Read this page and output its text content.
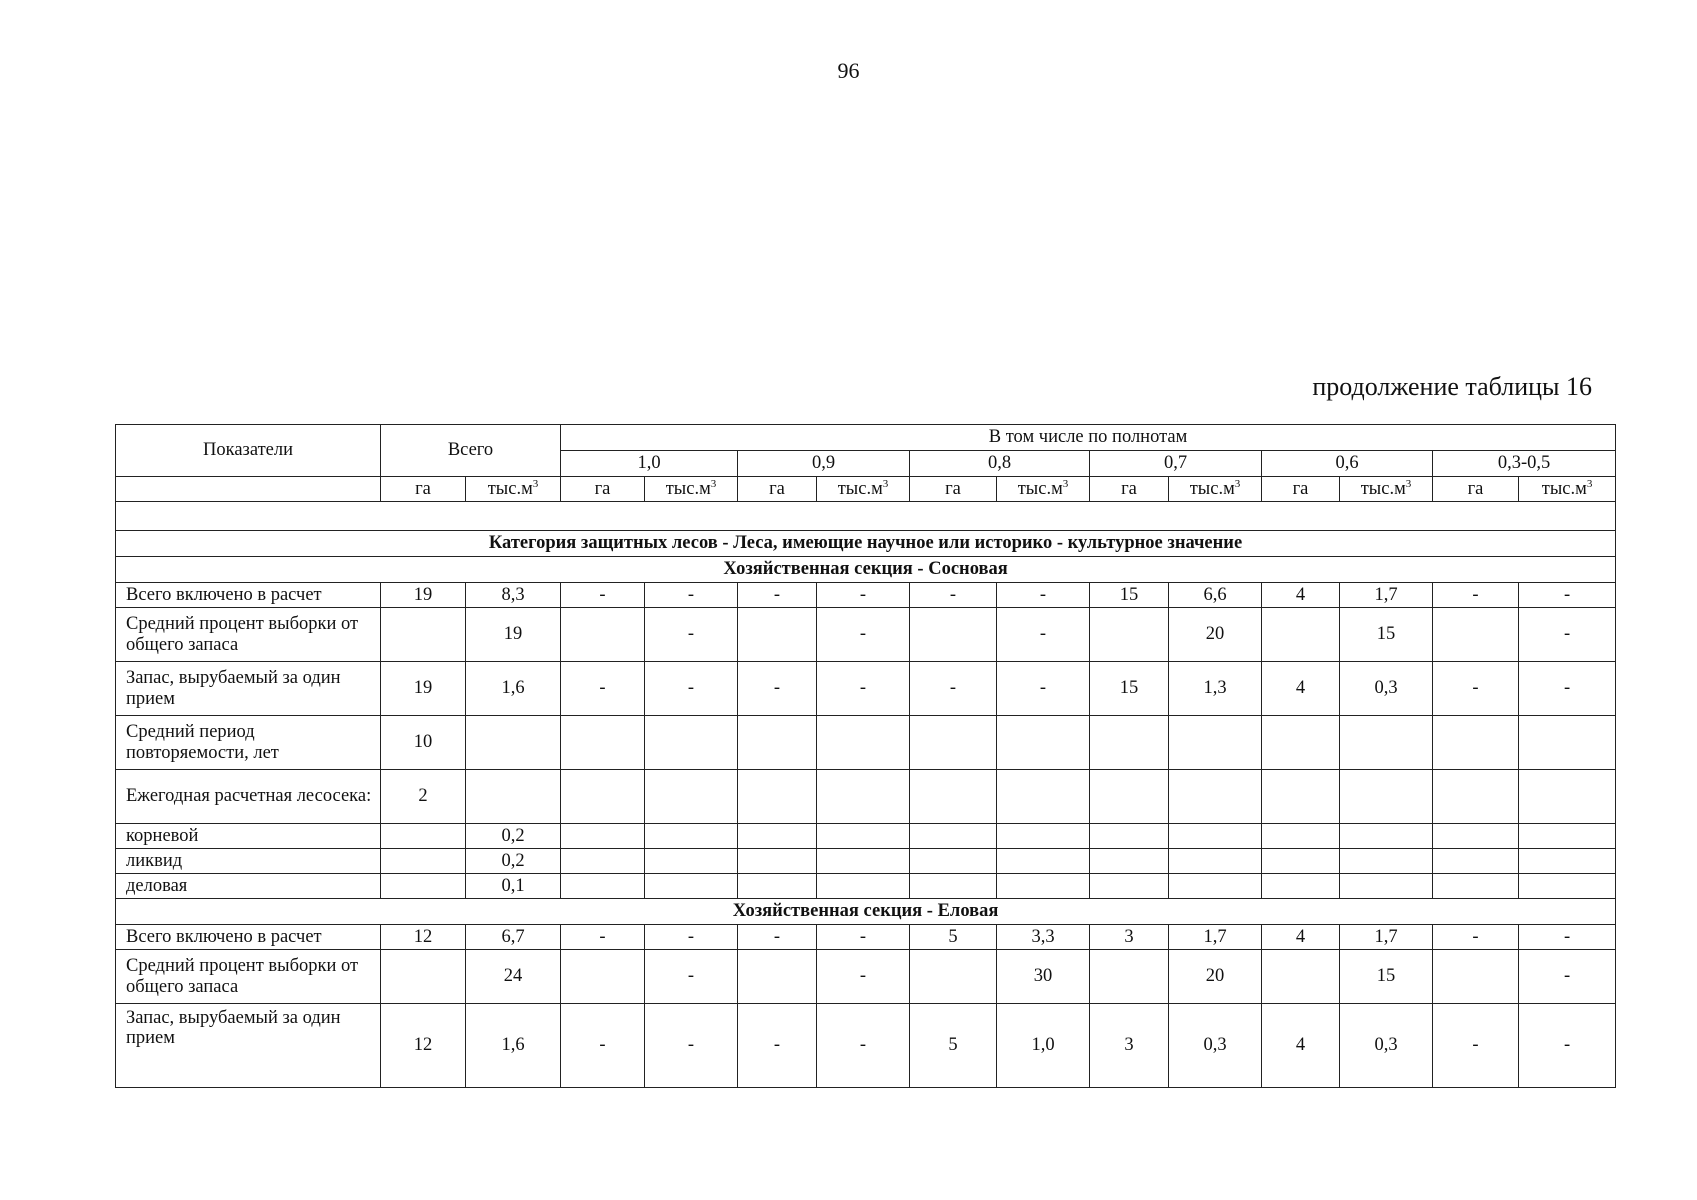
96
продолжение таблицы 16
Показатели	Всего		В том числе по полнотам											
			1,0		0,9		0,8		0,7		0,6		0,3-0,5	
	га	$тыс.м^3$	га	$тыс.м^3$	га	$тыс.м^3$	га	$тыс.м^3$	га	$тыс.м^3$	га	$тыс.м^3$	га	$тыс.м^3$

Категория защитных лесов - Леса, имеющие научное или историко - культурное значение														
Хозяйственная секция - Сосновая														
Всего включено в расчет	19	8,3	-	-	-	-	-	-	15	6,6	4	1,7	-	-
Средний процент выборки от общего запаса		19		-		-		-		20		15		-
Запас, вырубаемый за один прием	19	1,6	-	-	-	-	-	-	15	1,3	4	0,3	-	-
Средний период повторяемости, лет	10													
Ежегодная расчетная лесосека:	2													
корневой		0,2												
ликвид		0,2												
деловая		0,1												
Хозяйственная секция - Еловая														
Всего включено в расчет	12	6,7	-	-	-	-	5	3,3	3	1,7	4	1,7	-	-
Средний процент выборки от общего запаса		24		-		-		30		20		15		-
Запас, вырубаемый за один прием	12	1,6	-	-	-	-	5	1,0	3	0,3	4	0,3	-	-
